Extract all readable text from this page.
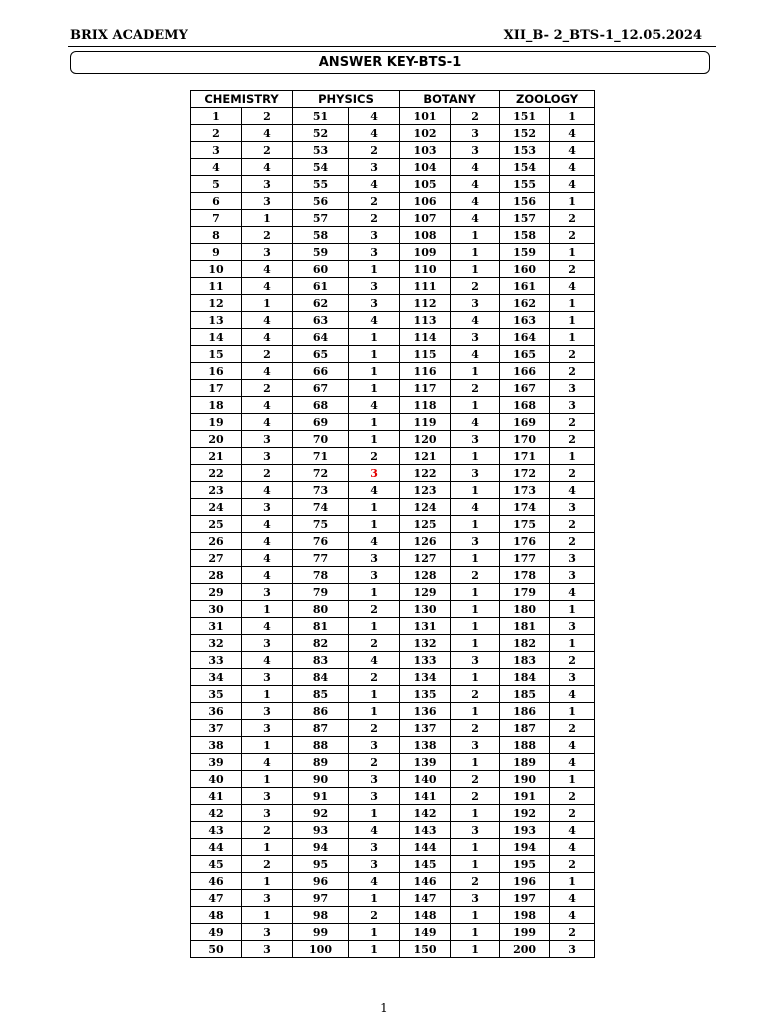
BRIX ACADEMY	XII_B- 2_BTS-1_12.05.2024
ANSWER KEY-BTS-1
CHEMISTRY		PHYSICS		BOTANY		ZOOLOGY	
1	2	51	4	101	2	151	1
2	4	52	4	102	3	152	4
3	2	53	2	103	3	153	4
4	4	54	3	104	4	154	4
5	3	55	4	105	4	155	4
6	3	56	2	106	4	156	1
7	1	57	2	107	4	157	2
8	2	58	3	108	1	158	2
9	3	59	3	109	1	159	1
10	4	60	1	110	1	160	2
11	4	61	3	111	2	161	4
12	1	62	3	112	3	162	1
13	4	63	4	113	4	163	1
14	4	64	1	114	3	164	1
15	2	65	1	115	4	165	2
16	4	66	1	116	1	166	2
17	2	67	1	117	2	167	3
18	4	68	4	118	1	168	3
19	4	69	1	119	4	169	2
20	3	70	1	120	3	170	2
21	3	71	2	121	1	171	1
22	2	72	3	122	3	172	2
23	4	73	4	123	1	173	4
24	3	74	1	124	4	174	3
25	4	75	1	125	1	175	2
26	4	76	4	126	3	176	2
27	4	77	3	127	1	177	3
28	4	78	3	128	2	178	3
29	3	79	1	129	1	179	4
30	1	80	2	130	1	180	1
31	4	81	1	131	1	181	3
32	3	82	2	132	1	182	1
33	4	83	4	133	3	183	2
34	3	84	2	134	1	184	3
35	1	85	1	135	2	185	4
36	3	86	1	136	1	186	1
37	3	87	2	137	2	187	2
38	1	88	3	138	3	188	4
39	4	89	2	139	1	189	4
40	1	90	3	140	2	190	1
41	3	91	3	141	2	191	2
42	3	92	1	142	1	192	2
43	2	93	4	143	3	193	4
44	1	94	3	144	1	194	4
45	2	95	3	145	1	195	2
46	1	96	4	146	2	196	1
47	3	97	1	147	3	197	4
48	1	98	2	148	1	198	4
49	3	99	1	149	1	199	2
50	3	100	1	150	1	200	3
1
